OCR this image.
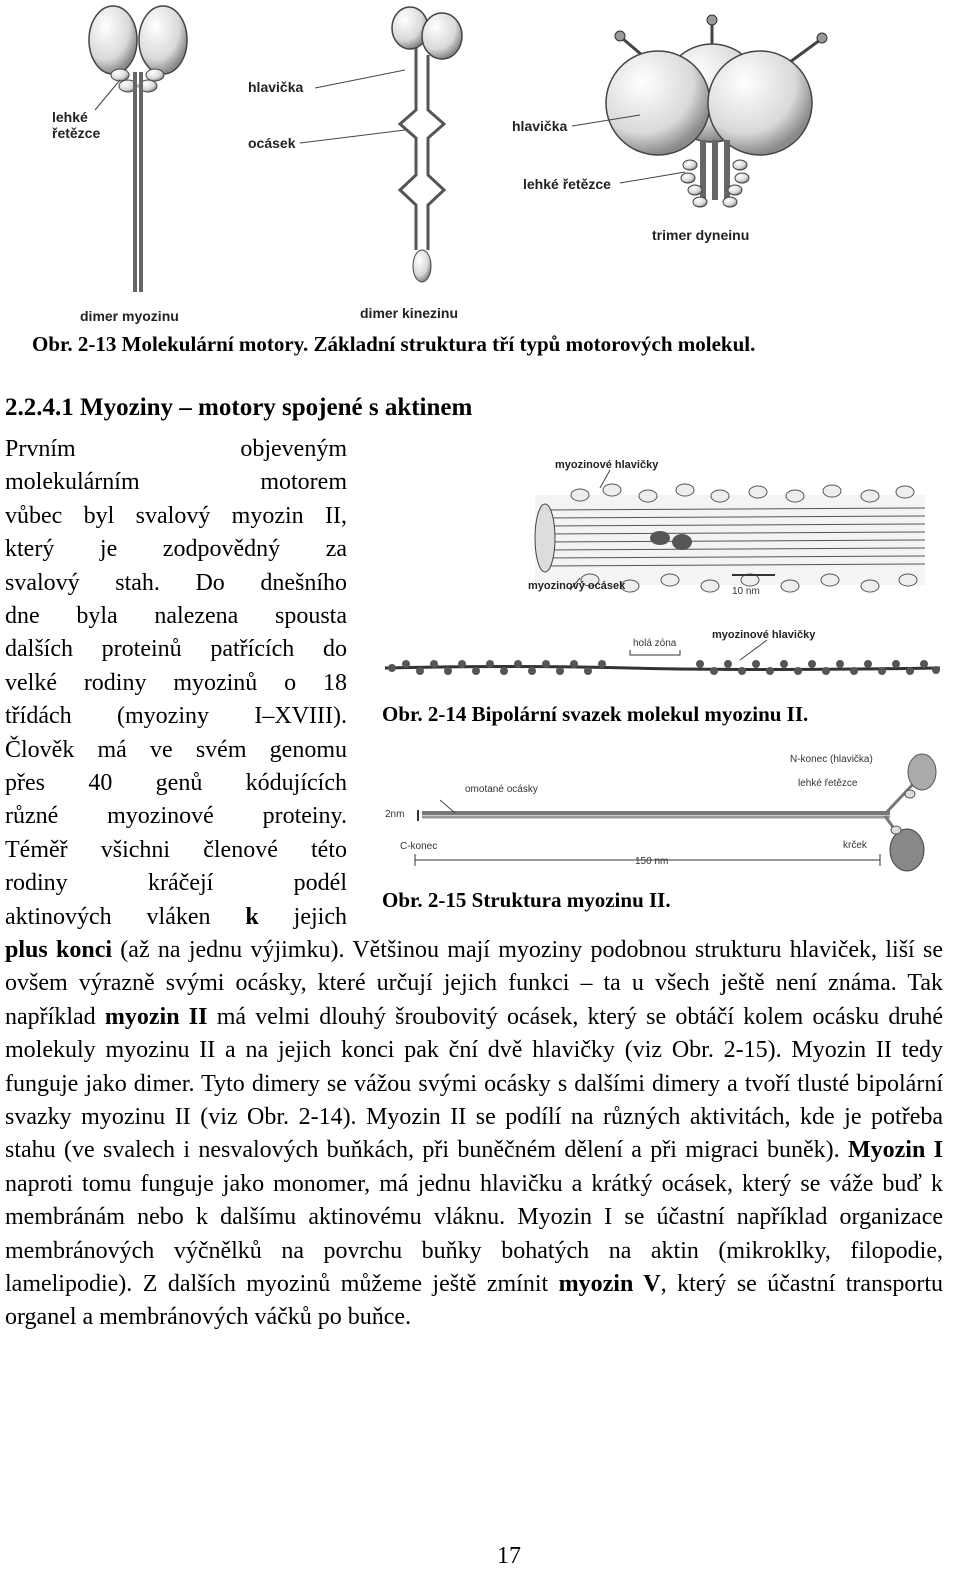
lehké
řetězce
hlavička
ocásek
hlavička
lehké řetězce
trimer dyneinu
dimer myozinu	dimer kinezinu
Obr. 2-13 Molekulární motory. Základní struktura tří typů motorových molekul.
2.2.4.1 Myoziny – motory spojené s aktinem
Prvním objeveným
molekulárním motorem
vůbec byl svalový myozin II,
který je zodpovědný za
svalový stah. Do dnešního
dne byla nalezena spousta
dalších proteinů patřících do
velké rodiny myozinů o 18
třídách (myoziny I–XVIII).
Člověk má ve svém genomu
přes 40 genů kódujících
různé myozinové proteiny.
Téměř všichni členové této
rodiny kráčejí podél
aktinových vláken k jejich
myozinové hlavičky
myozinový ocásek	10 nm
holá zóna
myozinové hlavičky
Obr. 2-14 Bipolární svazek molekul myozinu II.
N-konec (hlavička)
lehké řetězce
omotané ocásky
2nm
C-konec
150 nm
krček
Obr. 2-15 Struktura myozinu II.
plus konci (až na jednu výjimku). Většinou mají myoziny podobnou strukturu hlaviček, liší se ovšem výrazně svými ocásky, které určují jejich funkci – ta u všech ještě není známa. Tak například myozin II má velmi dlouhý šroubovitý ocásek, který se obtáčí kolem ocásku druhé molekuly myozinu II a na jejich konci pak ční dvě hlavičky (viz Obr. 2-15). Myozin II tedy funguje jako dimer. Tyto dimery se vážou svými ocásky s dalšími dimery a tvoří tlusté bipolární svazky myozinu II (viz Obr. 2-14). Myozin II se podílí na různých aktivitách, kde je potřeba stahu (ve svalech i nesvalových buňkách, při buněčném dělení a při migraci buněk). Myozin I naproti tomu funguje jako monomer, má jednu hlavičku a krátký ocásek, který se váže buď k membránám nebo k dalšímu aktinovému vláknu. Myozin I se účastní například organizace membránových výčnělků na povrchu buňky bohatých na aktin (mikroklky, filopodie, lamelipodie). Z dalších myozinů můžeme ještě zmínit myozin V, který se účastní transportu organel a membránových váčků po buňce.
17
